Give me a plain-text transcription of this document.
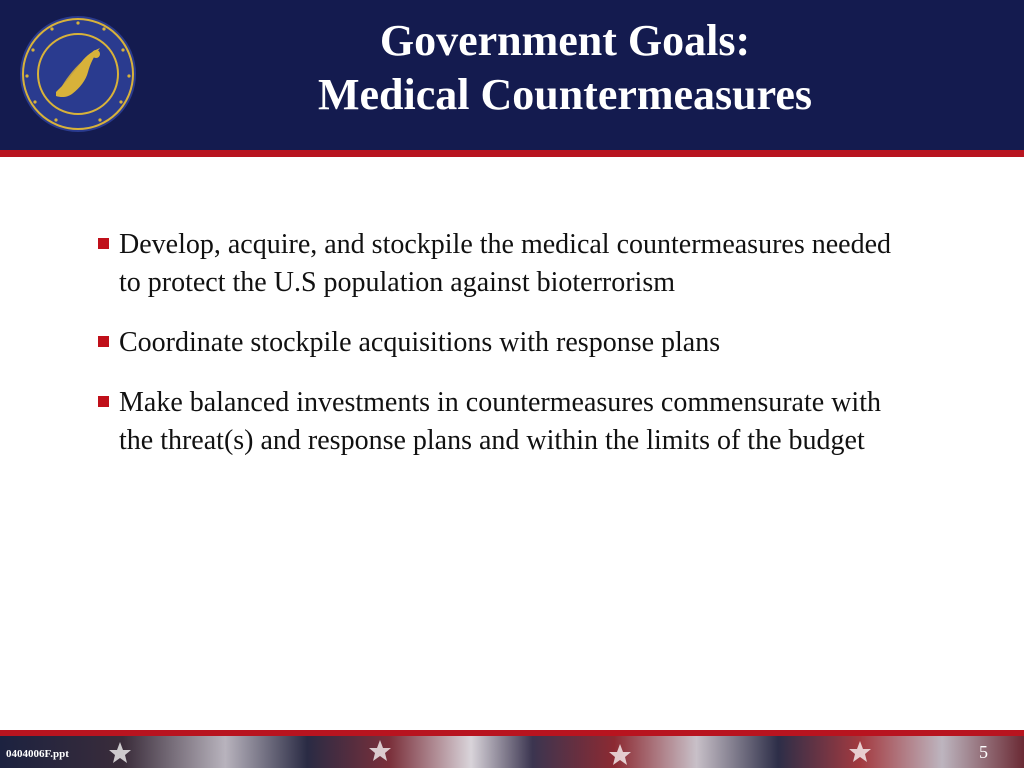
Government Goals:
Medical Countermeasures
Develop, acquire, and stockpile the medical countermeasures needed to protect the U.S population against bioterrorism
Coordinate stockpile acquisitions with response plans
Make balanced investments in countermeasures commensurate with the threat(s) and response plans and within the limits of the budget
0404006F.ppt	5
